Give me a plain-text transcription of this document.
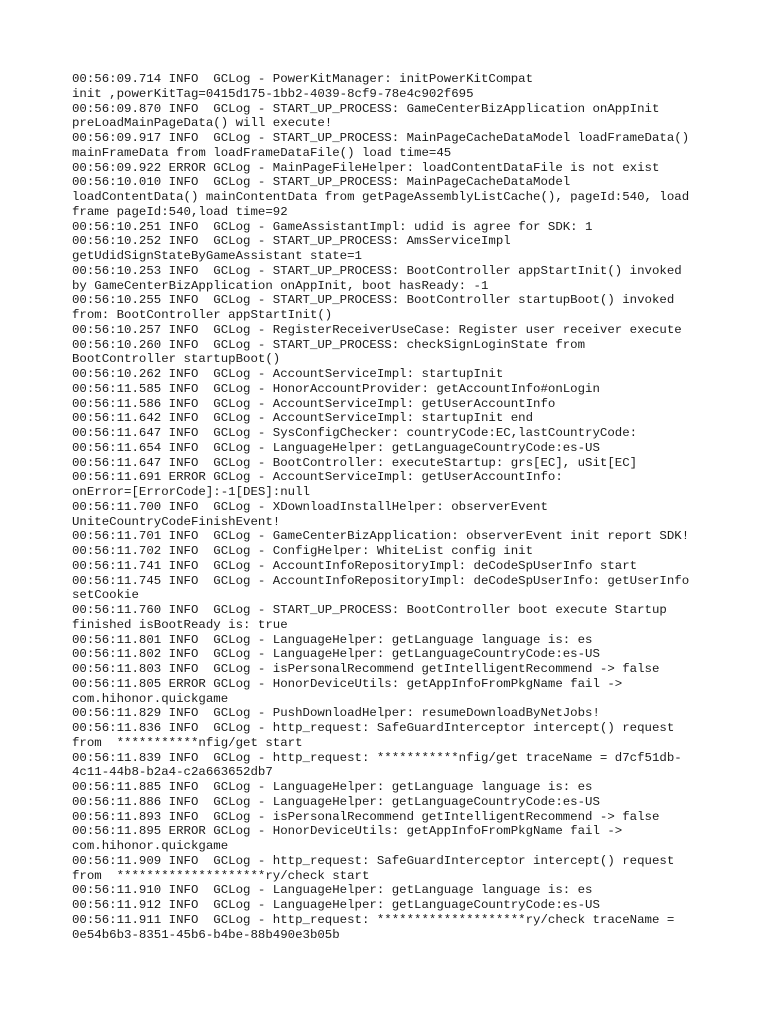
00:56:09.714 INFO  GCLog - PowerKitManager: initPowerKitCompat
init ,powerKitTag=0415d175-1bb2-4039-8cf9-78e4c902f695
00:56:09.870 INFO  GCLog - START_UP_PROCESS: GameCenterBizApplication onAppInit
preLoadMainPageData() will execute!
00:56:09.917 INFO  GCLog - START_UP_PROCESS: MainPageCacheDataModel loadFrameData()
mainFrameData from loadFrameDataFile() load time=45
00:56:09.922 ERROR GCLog - MainPageFileHelper: loadContentDataFile is not exist
00:56:10.010 INFO  GCLog - START_UP_PROCESS: MainPageCacheDataModel
loadContentData() mainContentData from getPageAssemblyListCache(), pageId:540, load
frame pageId:540,load time=92
00:56:10.251 INFO  GCLog - GameAssistantImpl: udid is agree for SDK: 1
00:56:10.252 INFO  GCLog - START_UP_PROCESS: AmsServiceImpl
getUdidSignStateByGameAssistant state=1
00:56:10.253 INFO  GCLog - START_UP_PROCESS: BootController appStartInit() invoked
by GameCenterBizApplication onAppInit, boot hasReady: -1
00:56:10.255 INFO  GCLog - START_UP_PROCESS: BootController startupBoot() invoked
from: BootController appStartInit()
00:56:10.257 INFO  GCLog - RegisterReceiverUseCase: Register user receiver execute
00:56:10.260 INFO  GCLog - START_UP_PROCESS: checkSignLoginState from
BootController startupBoot()
00:56:10.262 INFO  GCLog - AccountServiceImpl: startupInit
00:56:11.585 INFO  GCLog - HonorAccountProvider: getAccountInfo#onLogin
00:56:11.586 INFO  GCLog - AccountServiceImpl: getUserAccountInfo
00:56:11.642 INFO  GCLog - AccountServiceImpl: startupInit end
00:56:11.647 INFO  GCLog - SysConfigChecker: countryCode:EC,lastCountryCode:
00:56:11.654 INFO  GCLog - LanguageHelper: getLanguageCountryCode:es-US
00:56:11.647 INFO  GCLog - BootController: executeStartup: grs[EC], uSit[EC]
00:56:11.691 ERROR GCLog - AccountServiceImpl: getUserAccountInfo:
onError=[ErrorCode]:-1[DES]:null
00:56:11.700 INFO  GCLog - XDownloadInstallHelper: observerEvent
UniteCountryCodeFinishEvent!
00:56:11.701 INFO  GCLog - GameCenterBizApplication: observerEvent init report SDK!
00:56:11.702 INFO  GCLog - ConfigHelper: WhiteList config init
00:56:11.741 INFO  GCLog - AccountInfoRepositoryImpl: deCodeSpUserInfo start
00:56:11.745 INFO  GCLog - AccountInfoRepositoryImpl: deCodeSpUserInfo: getUserInfo
setCookie
00:56:11.760 INFO  GCLog - START_UP_PROCESS: BootController boot execute Startup
finished isBootReady is: true
00:56:11.801 INFO  GCLog - LanguageHelper: getLanguage language is: es
00:56:11.802 INFO  GCLog - LanguageHelper: getLanguageCountryCode:es-US
00:56:11.803 INFO  GCLog - isPersonalRecommend getIntelligentRecommend -> false
00:56:11.805 ERROR GCLog - HonorDeviceUtils: getAppInfoFromPkgName fail ->
com.hihonor.quickgame
00:56:11.829 INFO  GCLog - PushDownloadHelper: resumeDownloadByNetJobs!
00:56:11.836 INFO  GCLog - http_request: SafeGuardInterceptor intercept() request
from  ***********nfig/get start
00:56:11.839 INFO  GCLog - http_request: ***********nfig/get traceName = d7cf51db-
4c11-44b8-b2a4-c2a663652db7
00:56:11.885 INFO  GCLog - LanguageHelper: getLanguage language is: es
00:56:11.886 INFO  GCLog - LanguageHelper: getLanguageCountryCode:es-US
00:56:11.893 INFO  GCLog - isPersonalRecommend getIntelligentRecommend -> false
00:56:11.895 ERROR GCLog - HonorDeviceUtils: getAppInfoFromPkgName fail ->
com.hihonor.quickgame
00:56:11.909 INFO  GCLog - http_request: SafeGuardInterceptor intercept() request
from  ********************ry/check start
00:56:11.910 INFO  GCLog - LanguageHelper: getLanguage language is: es
00:56:11.912 INFO  GCLog - LanguageHelper: getLanguageCountryCode:es-US
00:56:11.911 INFO  GCLog - http_request: ********************ry/check traceName =
0e54b6b3-8351-45b6-b4be-88b490e3b05b
